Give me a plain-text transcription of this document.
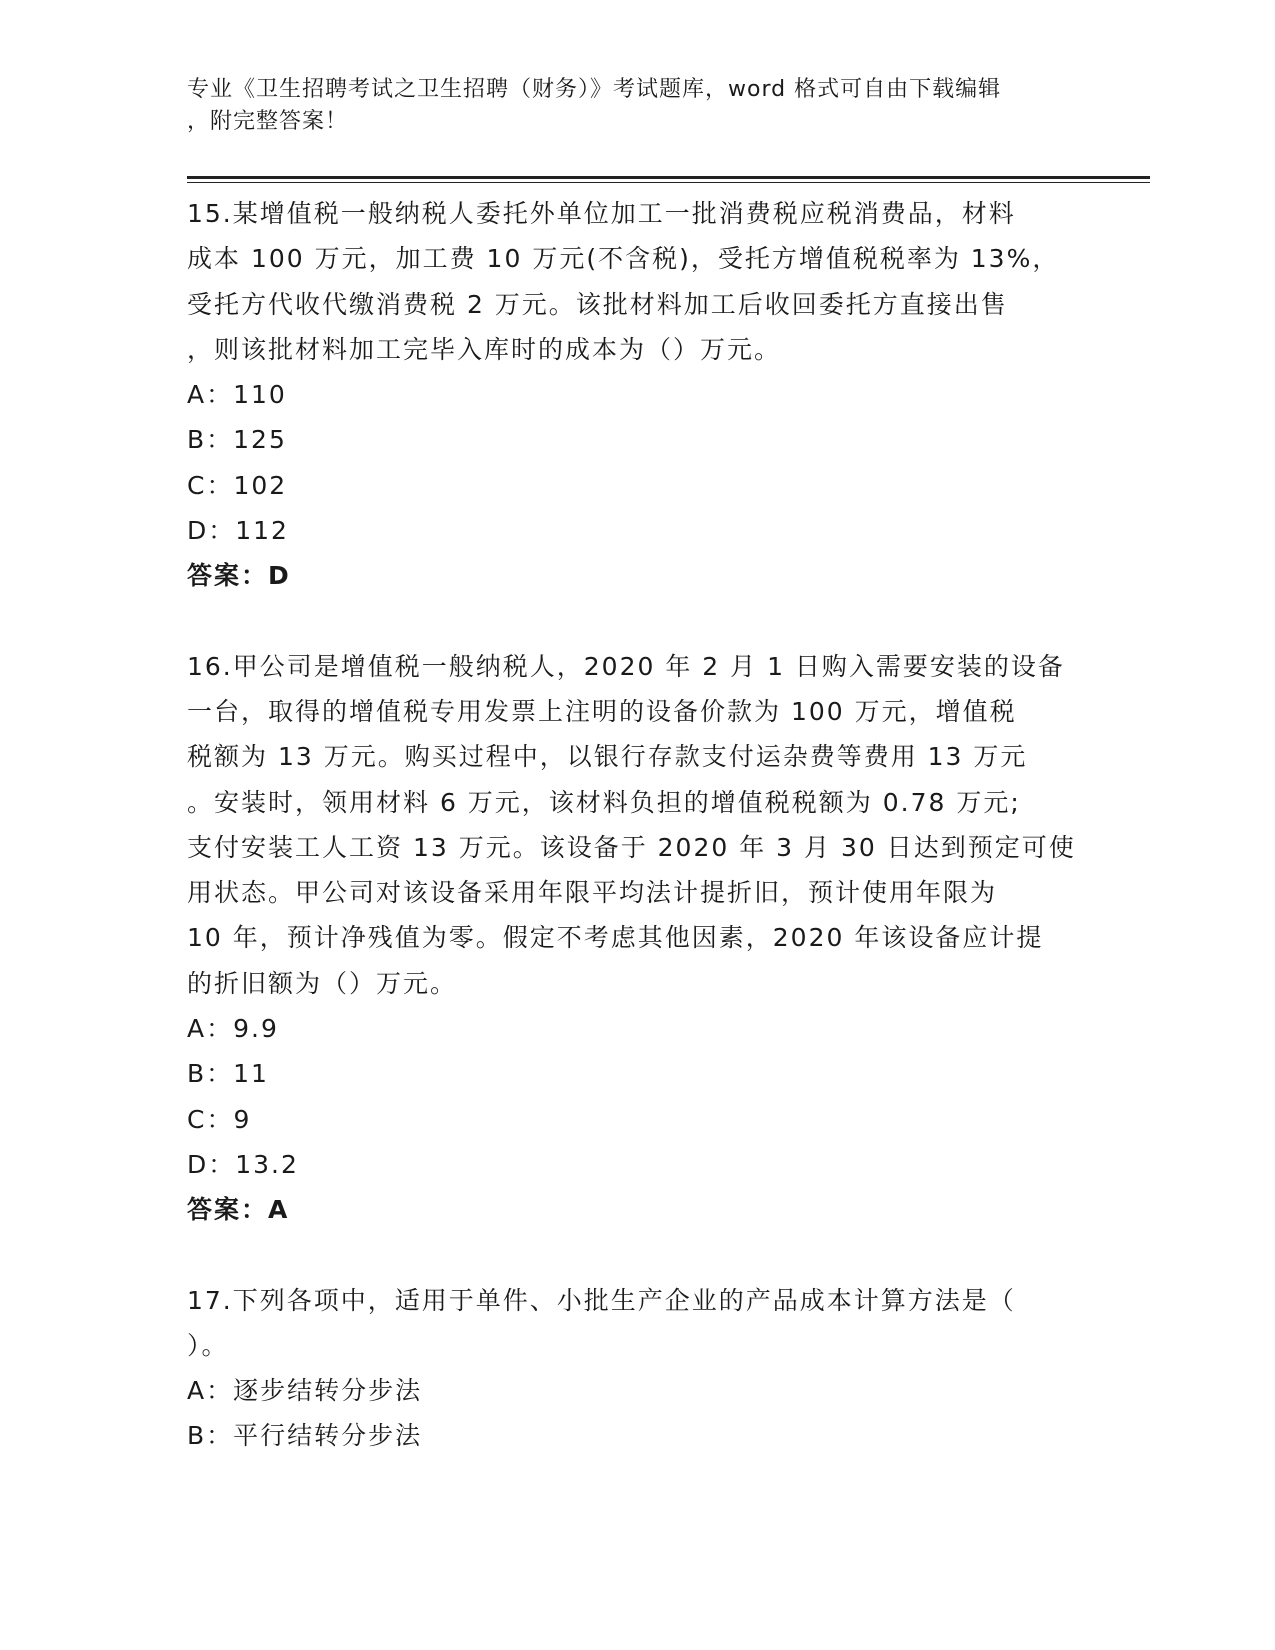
专业《卫生招聘考试之卫生招聘（财务）》考试题库，word 格式可自由下载编辑
，附完整答案！
15.某增值税一般纳税人委托外单位加工一批消费税应税消费品，材料
成本 100 万元，加工费 10 万元(不含税)，受托方增值税税率为 13%，
受托方代收代缴消费税 2 万元。该批材料加工后收回委托方直接出售
，则该批材料加工完毕入库时的成本为（）万元。
A：110
B：125
C：102
D：112
答案：D
16.甲公司是增值税一般纳税人，2020 年 2 月 1 日购入需要安装的设备
一台，取得的增值税专用发票上注明的设备价款为 100 万元，增值税
税额为 13 万元。购买过程中，以银行存款支付运杂费等费用 13 万元
。安装时，领用材料 6 万元，该材料负担的增值税税额为 0.78 万元;
支付安装工人工资 13 万元。该设备于 2020 年 3 月 30 日达到预定可使
用状态。甲公司对该设备采用年限平均法计提折旧，预计使用年限为
10 年，预计净残值为零。假定不考虑其他因素，2020 年该设备应计提
的折旧额为（）万元。
A：9.9
B：11
C：9
D：13.2
答案：A
17.下列各项中，适用于单件、小批生产企业的产品成本计算方法是（
）。
A：逐步结转分步法
B：平行结转分步法
